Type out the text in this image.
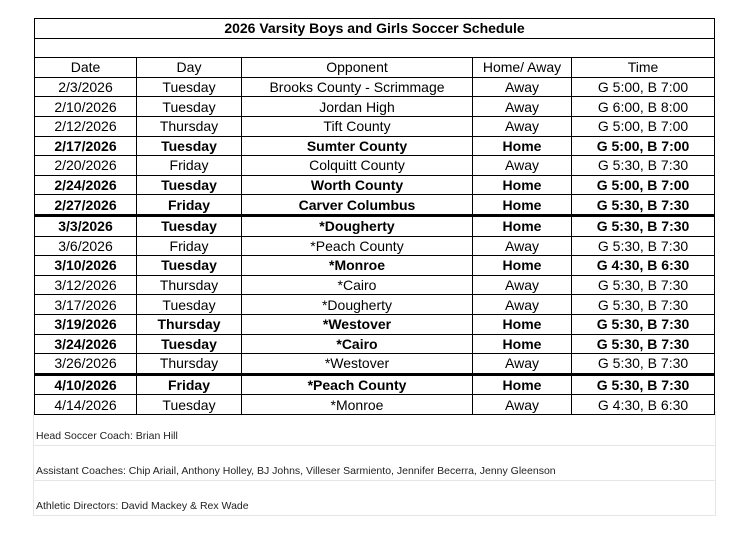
2026 Varsity Boys and Girls Soccer Schedule				

Date	Day	Opponent	Home/ Away	Time
2/3/2026	Tuesday	Brooks County - Scrimmage	Away	G 5:00, B 7:00
2/10/2026	Tuesday	Jordan High	Away	G 6:00, B 8:00
2/12/2026	Thursday	Tift County	Away	G 5:00, B 7:00
2/17/2026	Tuesday	Sumter County	Home	G 5:00, B 7:00
2/20/2026	Friday	Colquitt County	Away	G 5:30, B 7:30
2/24/2026	Tuesday	Worth County	Home	G 5:00, B 7:00
2/27/2026	Friday	Carver Columbus	Home	G 5:30, B 7:30
3/3/2026	Tuesday	*Dougherty	Home	G 5:30, B 7:30
3/6/2026	Friday	*Peach County	Away	G 5:30, B 7:30
3/10/2026	Tuesday	*Monroe	Home	G 4:30, B 6:30
3/12/2026	Thursday	*Cairo	Away	G 5:30, B 7:30
3/17/2026	Tuesday	*Dougherty	Away	G 5:30, B 7:30
3/19/2026	Thursday	*Westover	Home	G 5:30, B 7:30
3/24/2026	Tuesday	*Cairo	Home	G 5:30, B 7:30
3/26/2026	Thursday	*Westover	Away	G 5:30, B 7:30
4/10/2026	Friday	*Peach County	Home	G 5:30, B 7:30
4/14/2026	Tuesday	*Monroe	Away	G 4:30, B 6:30
Head Soccer Coach: Brian Hill
Assistant Coaches: Chip Ariail, Anthony Holley, BJ Johns, Villeser Sarmiento, Jennifer Becerra, Jenny Gleenson
Athletic Directors: David Mackey & Rex Wade
